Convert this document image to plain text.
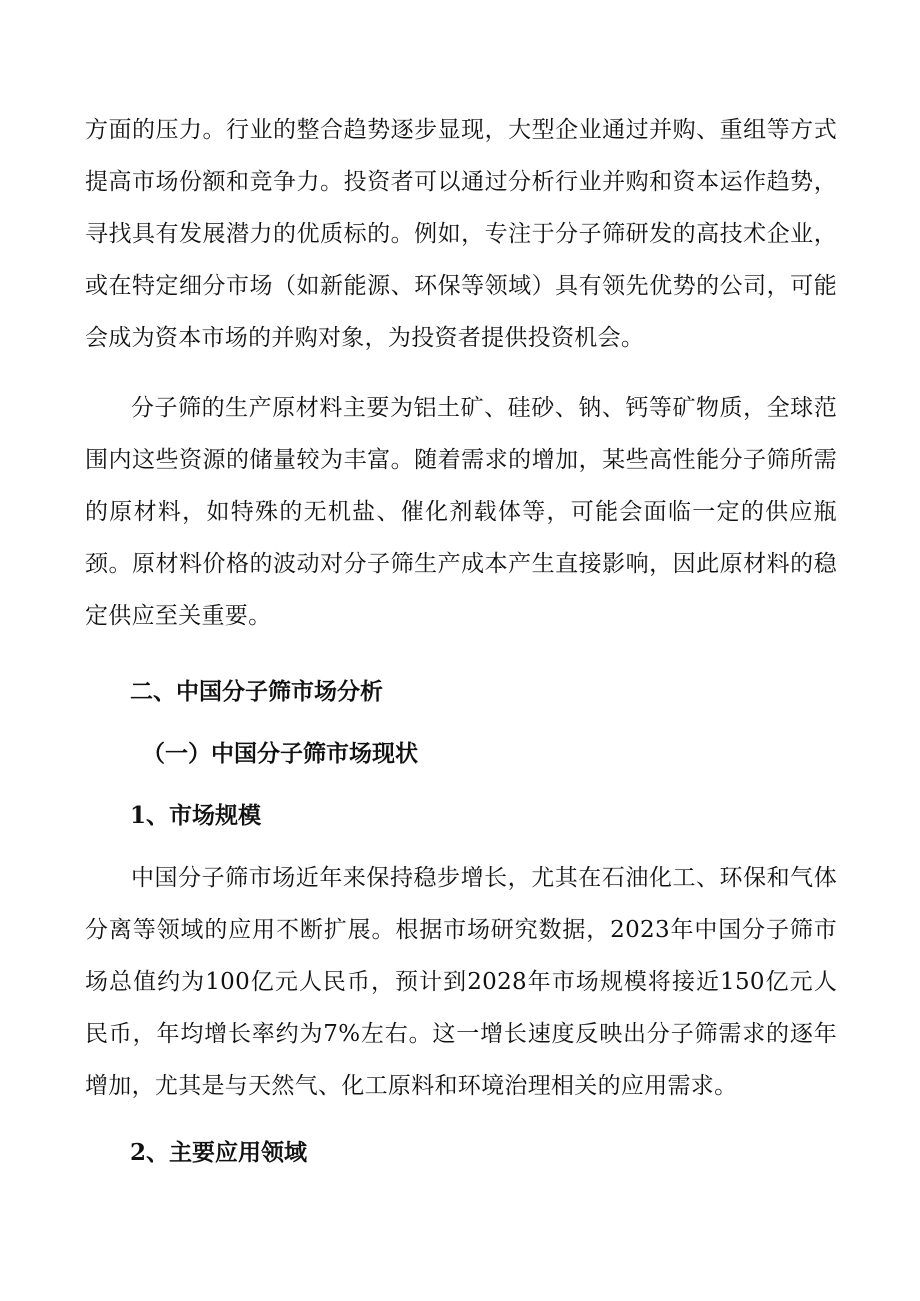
方面的压力。行业的整合趋势逐步显现，大型企业通过并购、重组等方式提高市场份额和竞争力。投资者可以通过分析行业并购和资本运作趋势，寻找具有发展潜力的优质标的。例如，专注于分子筛研发的高技术企业，或在特定细分市场（如新能源、环保等领域）具有领先优势的公司，可能会成为资本市场的并购对象，为投资者提供投资机会。

分子筛的生产原材料主要为铝土矿、硅砂、钠、钙等矿物质，全球范围内这些资源的储量较为丰富。随着需求的增加，某些高性能分子筛所需的原材料，如特殊的无机盐、催化剂载体等，可能会面临一定的供应瓶颈。原材料价格的波动对分子筛生产成本产生直接影响，因此原材料的稳定供应至关重要。

二、中国分子筛市场分析
（一）中国分子筛市场现状
1、市场规模

中国分子筛市场近年来保持稳步增长，尤其在石油化工、环保和气体分离等领域的应用不断扩展。根据市场研究数据，2023年中国分子筛市场总值约为100亿元人民币，预计到2028年市场规模将接近150亿元人民币，年均增长率约为7%左右。这一增长速度反映出分子筛需求的逐年增加，尤其是与天然气、化工原料和环境治理相关的应用需求。

2、主要应用领域
